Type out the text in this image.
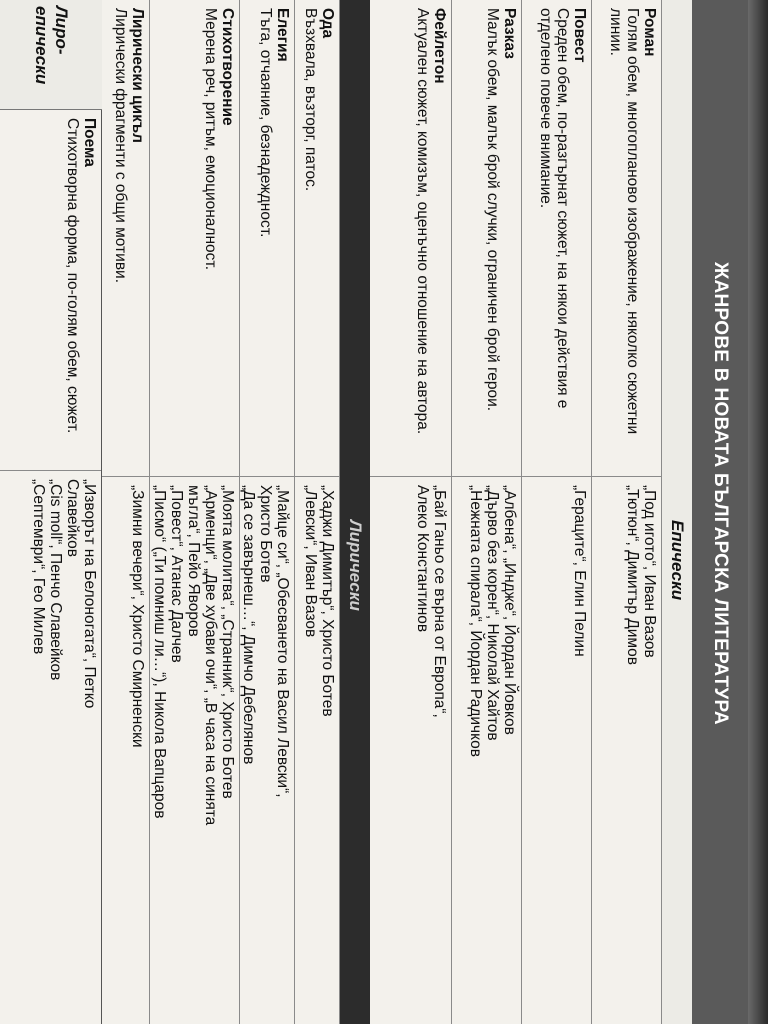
ЖАНРОВЕ В НОВАТА БЪЛГАРСКА ЛИТЕРАТУРА
Епически
Роман
Голям обем, многопланово изображение, няколко сюжетни линии.
„Под игото“, Иван Вазов
„Тютюн“, Димитър Димов
Повест
Среден обем, по-разгърнат сюжет, на някои действия е отделено повече внимание.
„Гераците“, Елин Пелин
Разказ
Малък обем, малък брой случки, ограничен брой герои.
„Албена“, „Индже“, Йордан Йовков
„Дърво без корен“, Николай Хайтов
„Нежната спирала“, Йордан Радичков
Фейлетон
Актуален сюжет, комизъм, оценъчно отношение на автора.
„Бай Ганьо се върна от Европа“,
Алеко Константинов
Лирически
Ода
Възхвала, възторг, патос.
„Хаджи Димитър“, Христо Ботев
„Левски“, Иван Вазов
Елегия
Тъга, отчаяние, безнадеждност.
„Майце си“, „Обесването на Васил Левски“,
Христо Ботев
„Да се завърнеш…“, Димчо Дебелянов
Стихотворение
Мерена реч, ритъм, емоционалност.
„Моята молитва“, „Странник“, Христо Ботев
„Арменци“, „Две хубави очи“, „В часа на синята
мъгла“, Пейо Яворов
„Повест“, Атанас Далчев
„Писмо“ („Ти помниш ли…“), Никола Вапцаров
Лирически цикъл
Лирически фрагменти с общи мотиви.
„Зимни вечери“, Христо Смирненски
Лиро-
епически
Поема
Стихотворна форма, по-голям обем, сюжет.
„Изворът на Белоногата“, Петко
Славейков
„Cis moll“, Пенчо Славейков
„Септември“, Гео Милев
